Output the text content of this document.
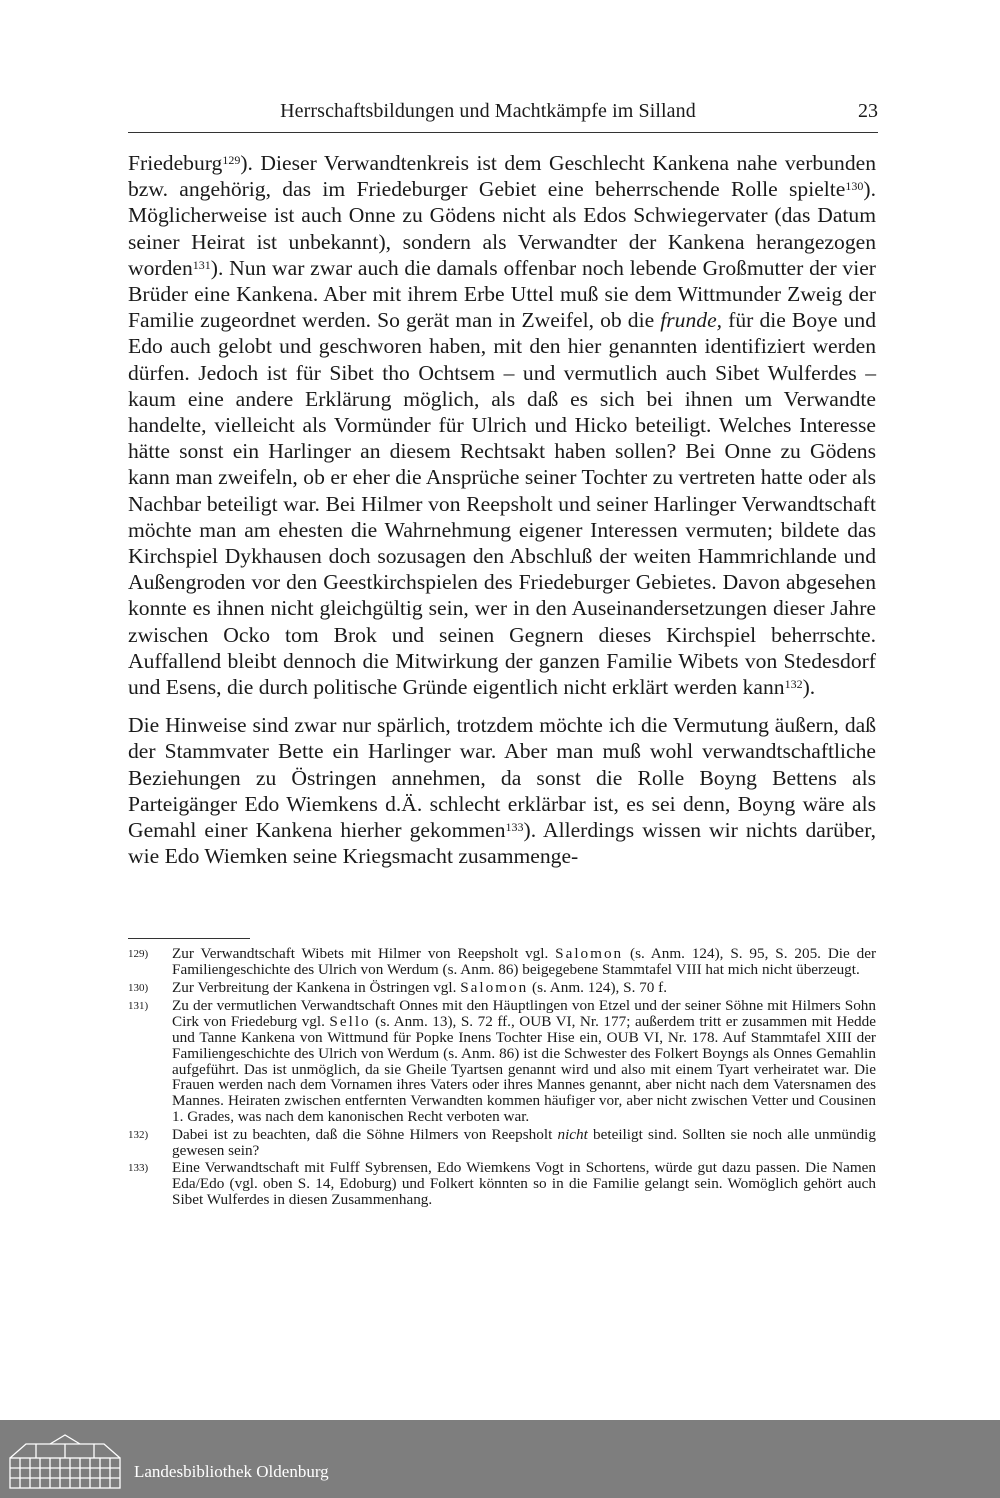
Herrschaftsbildungen und Machtkämpfe im Silland	23

Friedeburg$^{129}$). Dieser Verwandtenkreis ist dem Geschlecht Kankena nahe verbunden bzw. angehörig, das im Friedeburger Gebiet eine beherrschende Rolle spielte$^{130}$). Möglicherweise ist auch Onne zu Gödens nicht als Edos Schwiegervater (das Datum seiner Heirat ist unbekannt), sondern als Verwandter der Kankena herangezogen worden$^{131}$). Nun war zwar auch die damals offenbar noch lebende Großmutter der vier Brüder eine Kankena. Aber mit ihrem Erbe Uttel muß sie dem Wittmunder Zweig der Familie zugeordnet werden. So gerät man in Zweifel, ob die frunde, für die Boye und Edo auch gelobt und geschworen haben, mit den hier genannten identifiziert werden dürfen. Jedoch ist für Sibet tho Ochtsem – und vermutlich auch Sibet Wulferdes – kaum eine andere Erklärung möglich, als daß es sich bei ihnen um Verwandte handelte, vielleicht als Vormünder für Ulrich und Hicko beteiligt. Welches Interesse hätte sonst ein Harlinger an diesem Rechtsakt haben sollen? Bei Onne zu Gödens kann man zweifeln, ob er eher die Ansprüche seiner Tochter zu vertreten hatte oder als Nachbar beteiligt war. Bei Hilmer von Reepsholt und seiner Harlinger Verwandtschaft möchte man am ehesten die Wahrnehmung eigener Interessen vermuten; bildete das Kirchspiel Dykhausen doch sozusagen den Abschluß der weiten Hammrichlande und Außengroden vor den Geestkirchspielen des Friedeburger Gebietes. Davon abgesehen konnte es ihnen nicht gleichgültig sein, wer in den Auseinandersetzungen dieser Jahre zwischen Ocko tom Brok und seinen Gegnern dieses Kirchspiel beherrschte. Auffallend bleibt dennoch die Mitwirkung der ganzen Familie Wibets von Stedesdorf und Esens, die durch politische Gründe eigentlich nicht erklärt werden kann$^{132}$).

Die Hinweise sind zwar nur spärlich, trotzdem möchte ich die Vermutung äußern, daß der Stammvater Bette ein Harlinger war. Aber man muß wohl verwandtschaftliche Beziehungen zu Östringen annehmen, da sonst die Rolle Boyng Bettens als Parteigänger Edo Wiemkens d.Ä. schlecht erklärbar ist, es sei denn, Boyng wäre als Gemahl einer Kankena hierher gekommen$^{133}$). Allerdings wissen wir nichts darüber, wie Edo Wiemken seine Kriegsmacht zusammenge-

129)	Zur Verwandtschaft Wibets mit Hilmer von Reepsholt vgl. Salomon (s. Anm. 124), S. 95, S. 205. Die der Familiengeschichte des Ulrich von Werdum (s. Anm. 86) beigegebene Stammtafel VIII hat mich nicht überzeugt.
130)	Zur Verbreitung der Kankena in Östringen vgl. Salomon (s. Anm. 124), S. 70 f.
131)	Zu der vermutlichen Verwandtschaft Onnes mit den Häuptlingen von Etzel und der seiner Söhne mit Hilmers Sohn Cirk von Friedeburg vgl. Sello (s. Anm. 13), S. 72 ff., OUB VI, Nr. 177; außerdem tritt er zusammen mit Hedde und Tanne Kankena von Wittmund für Popke Inens Tochter Hise ein, OUB VI, Nr. 178. Auf Stammtafel XIII der Familiengeschichte des Ulrich von Werdum (s. Anm. 86) ist die Schwester des Folkert Boyngs als Onnes Gemahlin aufgeführt. Das ist unmöglich, da sie Gheile Tyartsen genannt wird und also mit einem Tyart verheiratet war. Die Frauen werden nach dem Vornamen ihres Vaters oder ihres Mannes genannt, aber nicht nach dem Vatersnamen des Mannes. Heiraten zwischen entfernten Verwandten kommen häufiger vor, aber nicht zwischen Vetter und Cousinen 1. Grades, was nach dem kanonischen Recht verboten war.
132)	Dabei ist zu beachten, daß die Söhne Hilmers von Reepsholt nicht beteiligt sind. Sollten sie noch alle unmündig gewesen sein?
133)	Eine Verwandtschaft mit Fulff Sybrensen, Edo Wiemkens Vogt in Schortens, würde gut dazu passen. Die Namen Eda/Edo (vgl. oben S. 14, Edoburg) und Folkert könnten so in die Familie gelangt sein. Womöglich gehört auch Sibet Wulferdes in diesen Zusammenhang.
Landesbibliothek Oldenburg
